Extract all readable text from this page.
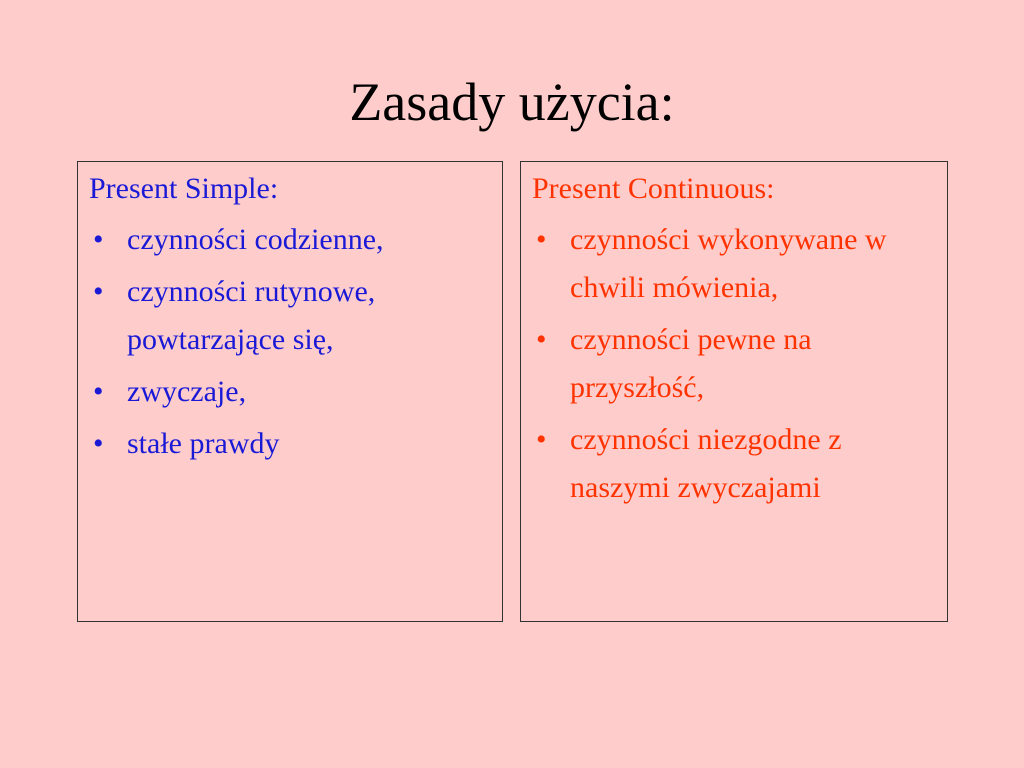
Zasady użycia:
Present Simple:
• czynności codzienne,
• czynności rutynowe, powtarzające się,
• zwyczaje,
• stałe prawdy
Present Continuous:
• czynności wykonywane w chwili mówienia,
• czynności pewne na przyszłość,
• czynności niezgodne z naszymi zwyczajami
